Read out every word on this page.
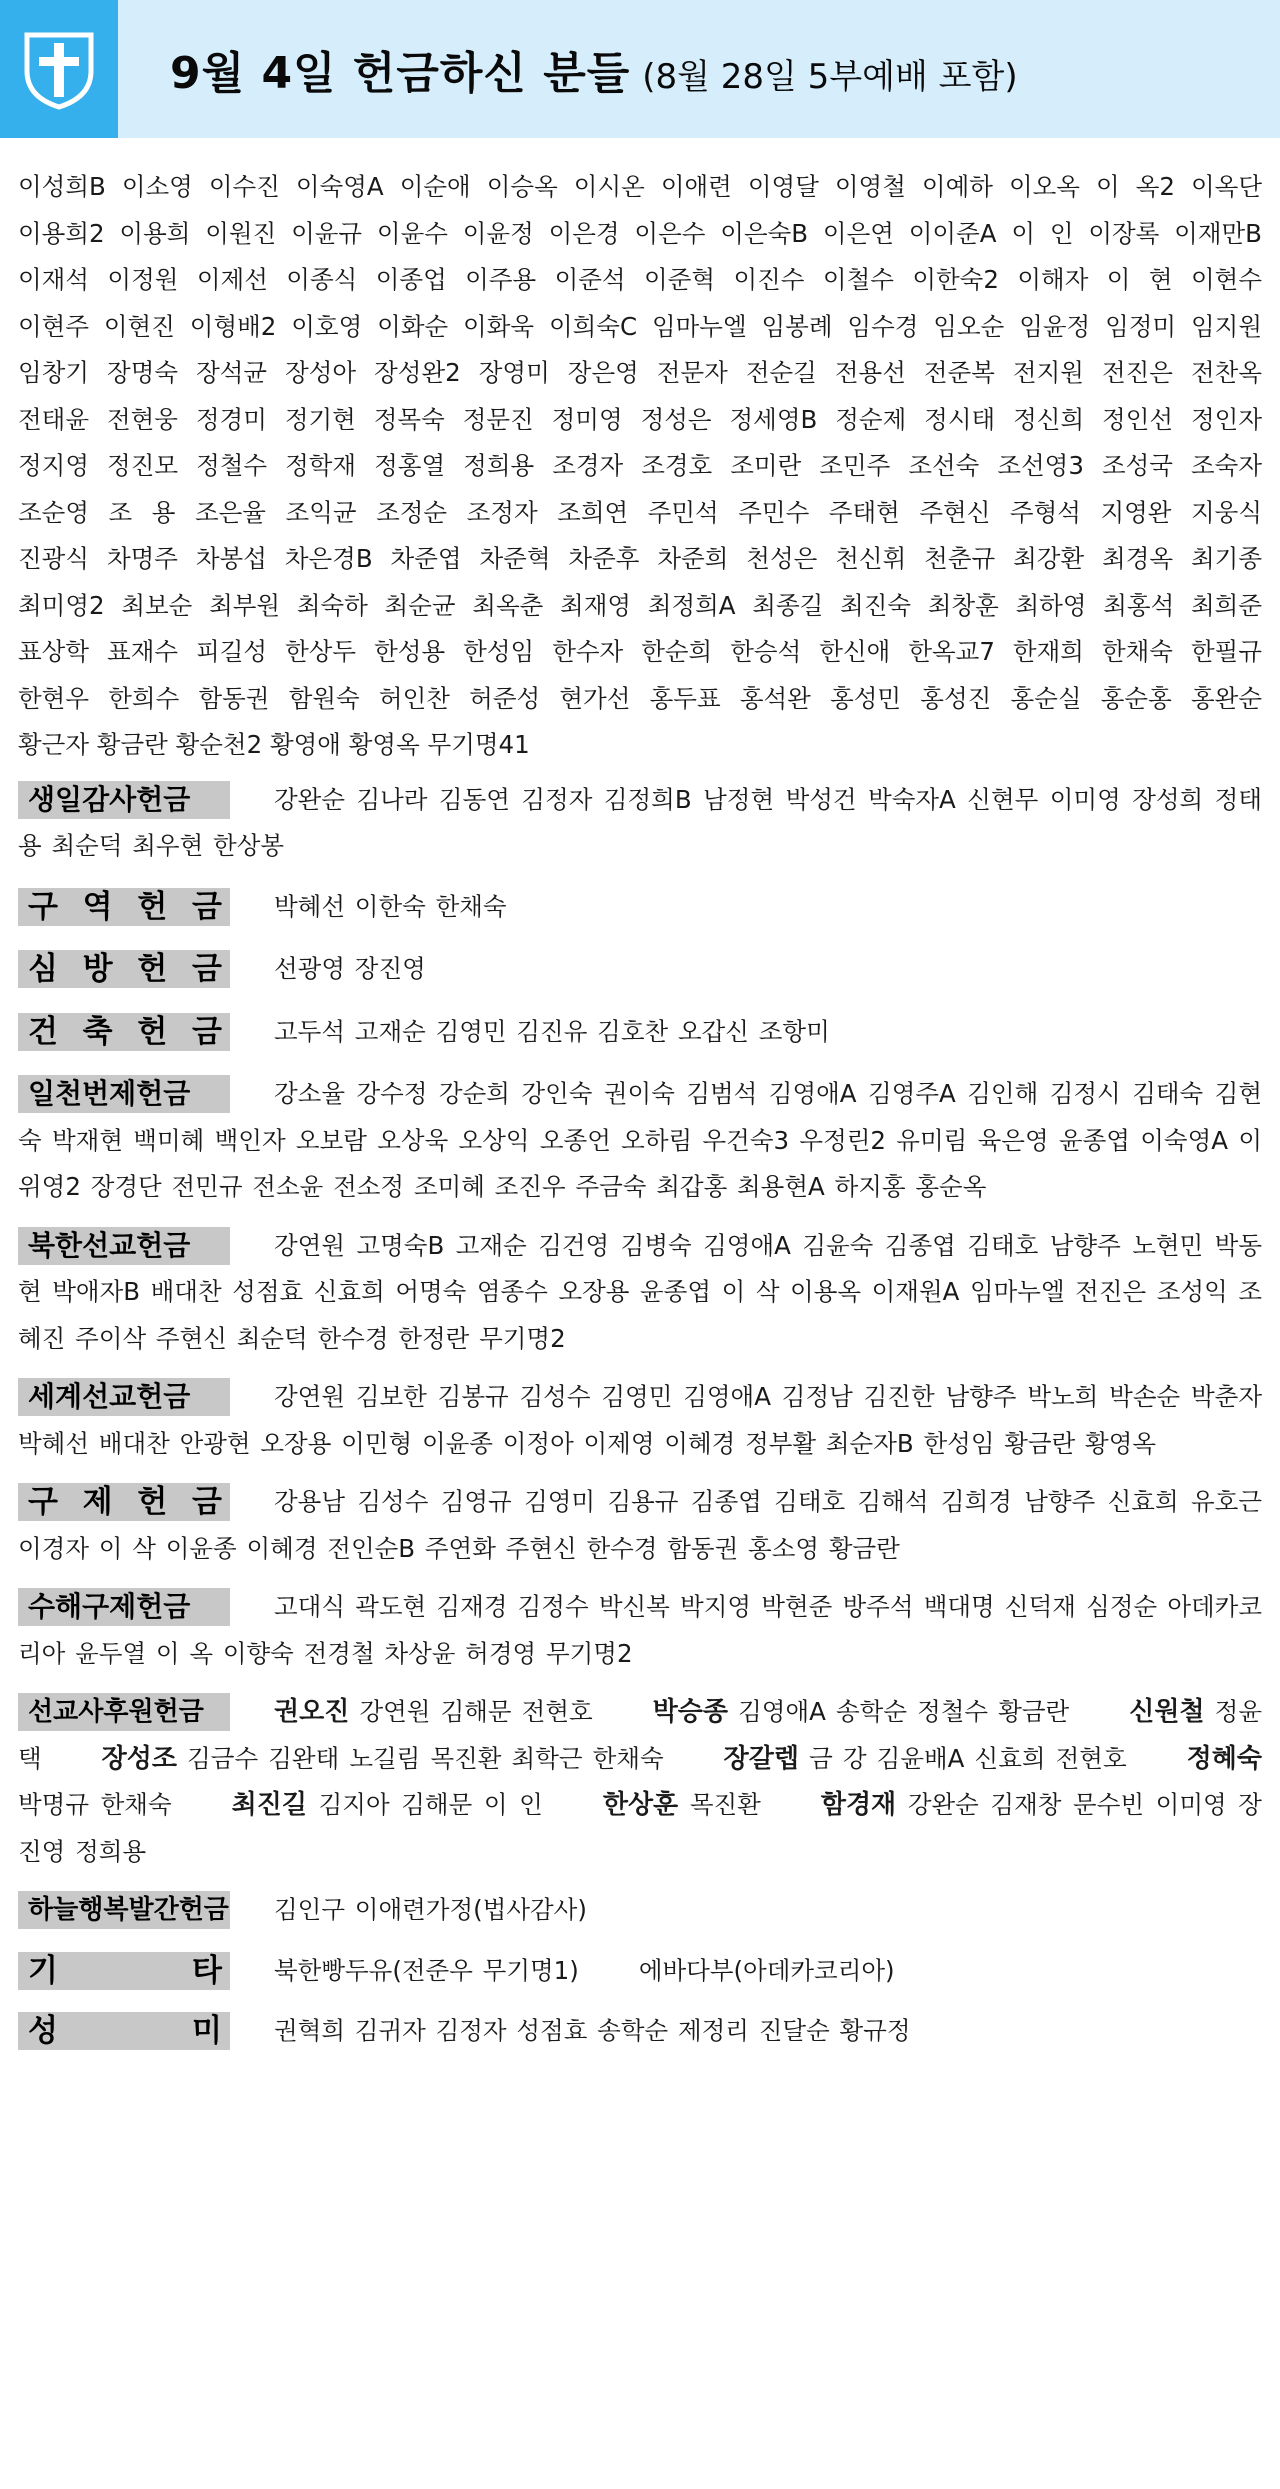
9월 4일 헌금하신 분들 (8월 28일 5부예배 포함)
이성희B 이소영 이수진 이숙영A 이순애 이승옥 이시온 이애련 이영달 이영철 이예하 이오옥 이 옥2 이옥단
이용희2 이용희 이원진 이윤규 이윤수 이윤정 이은경 이은수 이은숙B 이은연 이이준A 이 인 이장록 이재만B
이재석 이정원 이제선 이종식 이종업 이주용 이준석 이준혁 이진수 이철수 이한숙2 이해자 이 현 이현수
이현주 이현진 이형배2 이호영 이화순 이화욱 이희숙C 임마누엘 임봉례 임수경 임오순 임윤정 임정미 임지원
임창기 장명숙 장석균 장성아 장성완2 장영미 장은영 전문자 전순길 전용선 전준복 전지원 전진은 전찬옥
전태윤 전현웅 정경미 정기현 정목숙 정문진 정미영 정성은 정세영B 정순제 정시태 정신희 정인선 정인자
정지영 정진모 정철수 정학재 정홍열 정희용 조경자 조경호 조미란 조민주 조선숙 조선영3 조성국 조숙자
조순영 조 용 조은율 조익균 조정순 조정자 조희연 주민석 주민수 주태현 주현신 주형석 지영완 지웅식
진광식 차명주 차봉섭 차은경B 차준엽 차준혁 차준후 차준희 천성은 천신휘 천춘규 최강환 최경옥 최기종
최미영2 최보순 최부원 최숙하 최순균 최옥춘 최재영 최정희A 최종길 최진숙 최창훈 최하영 최홍석 최희준
표상학 표재수 피길성 한상두 한성용 한성임 한수자 한순희 한승석 한신애 한옥교7 한재희 한채숙 한필규
한현우 한희수 함동권 함원숙 허인찬 허준성 현가선 홍두표 홍석완 홍성민 홍성진 홍순실 홍순홍 홍완순
황근자 황금란 황순천2 황영애 황영옥 무기명41
생일감사헌금	강완순 김나라 김동연 김정자 김정희B 남정현 박성건 박숙자A 신현무 이미영 장성희 정태용 최순덕 최우현 한상봉
구 역 헌 금	박혜선 이한숙 한채숙
심 방 헌 금	선광영 장진영
건 축 헌 금	고두석 고재순 김영민 김진유 김호찬 오갑신 조항미
일천번제헌금	강소율 강수정 강순희 강인숙 권이숙 김범석 김영애A 김영주A 김인해 김정시 김태숙 김현숙 박재현 백미혜 백인자 오보람 오상욱 오상익 오종언 오하림 우건숙3 우정린2 유미림 육은영 윤종엽 이숙영A 이위영2 장경단 전민규 전소윤 전소정 조미혜 조진우 주금숙 최갑홍 최용현A 하지홍 홍순옥
북한선교헌금	강연원 고명숙B 고재순 김건영 김병숙 김영애A 김윤숙 김종엽 김태호 남향주 노현민 박동현 박애자B 배대찬 성점효 신효희 어명숙 염종수 오장용 윤종엽 이 삭 이용옥 이재원A 임마누엘 전진은 조성익 조혜진 주이삭 주현신 최순덕 한수경 한정란 무기명2
세계선교헌금	강연원 김보한 김봉규 김성수 김영민 김영애A 김정남 김진한 남향주 박노희 박손순 박춘자 박혜선 배대찬 안광현 오장용 이민형 이윤종 이정아 이제영 이혜경 정부활 최순자B 한성임 황금란 황영옥
구 제 헌 금	강용남 김성수 김영규 김영미 김용규 김종엽 김태호 김해석 김희경 남향주 신효희 유호근 이경자 이 삭 이윤종 이혜경 전인순B 주연화 주현신 한수경 함동권 홍소영 황금란
수해구제헌금	고대식 곽도현 김재경 김정수 박신복 박지영 박현준 방주석 백대명 신덕재 심정순 아데카코리아 윤두열 이 옥 이향숙 전경철 차상윤 허경영 무기명2
선교사후원헌금	권오진 강연원 김해문 전현호 박승종 김영애A 송학순 정철수 황금란 신원철 정윤택 장성조 김금수 김완태 노길림 목진환 최학근 한채숙 장갈렙 금 강 김윤배A 신효희 전현호 정혜숙 박명규 한채숙 최진길 김지아 김해문 이 인 한상훈 목진환 함경재 강완순 김재창 문수빈 이미영 장진영 정희용
하늘행복발간헌금	김인구 이애련가정(법사감사)
기	타	북한빵두유(전준우 무기명1) 에바다부(아데카코리아)
성	미	권혁희 김귀자 김정자 성점효 송학순 제정리 진달순 황규정
